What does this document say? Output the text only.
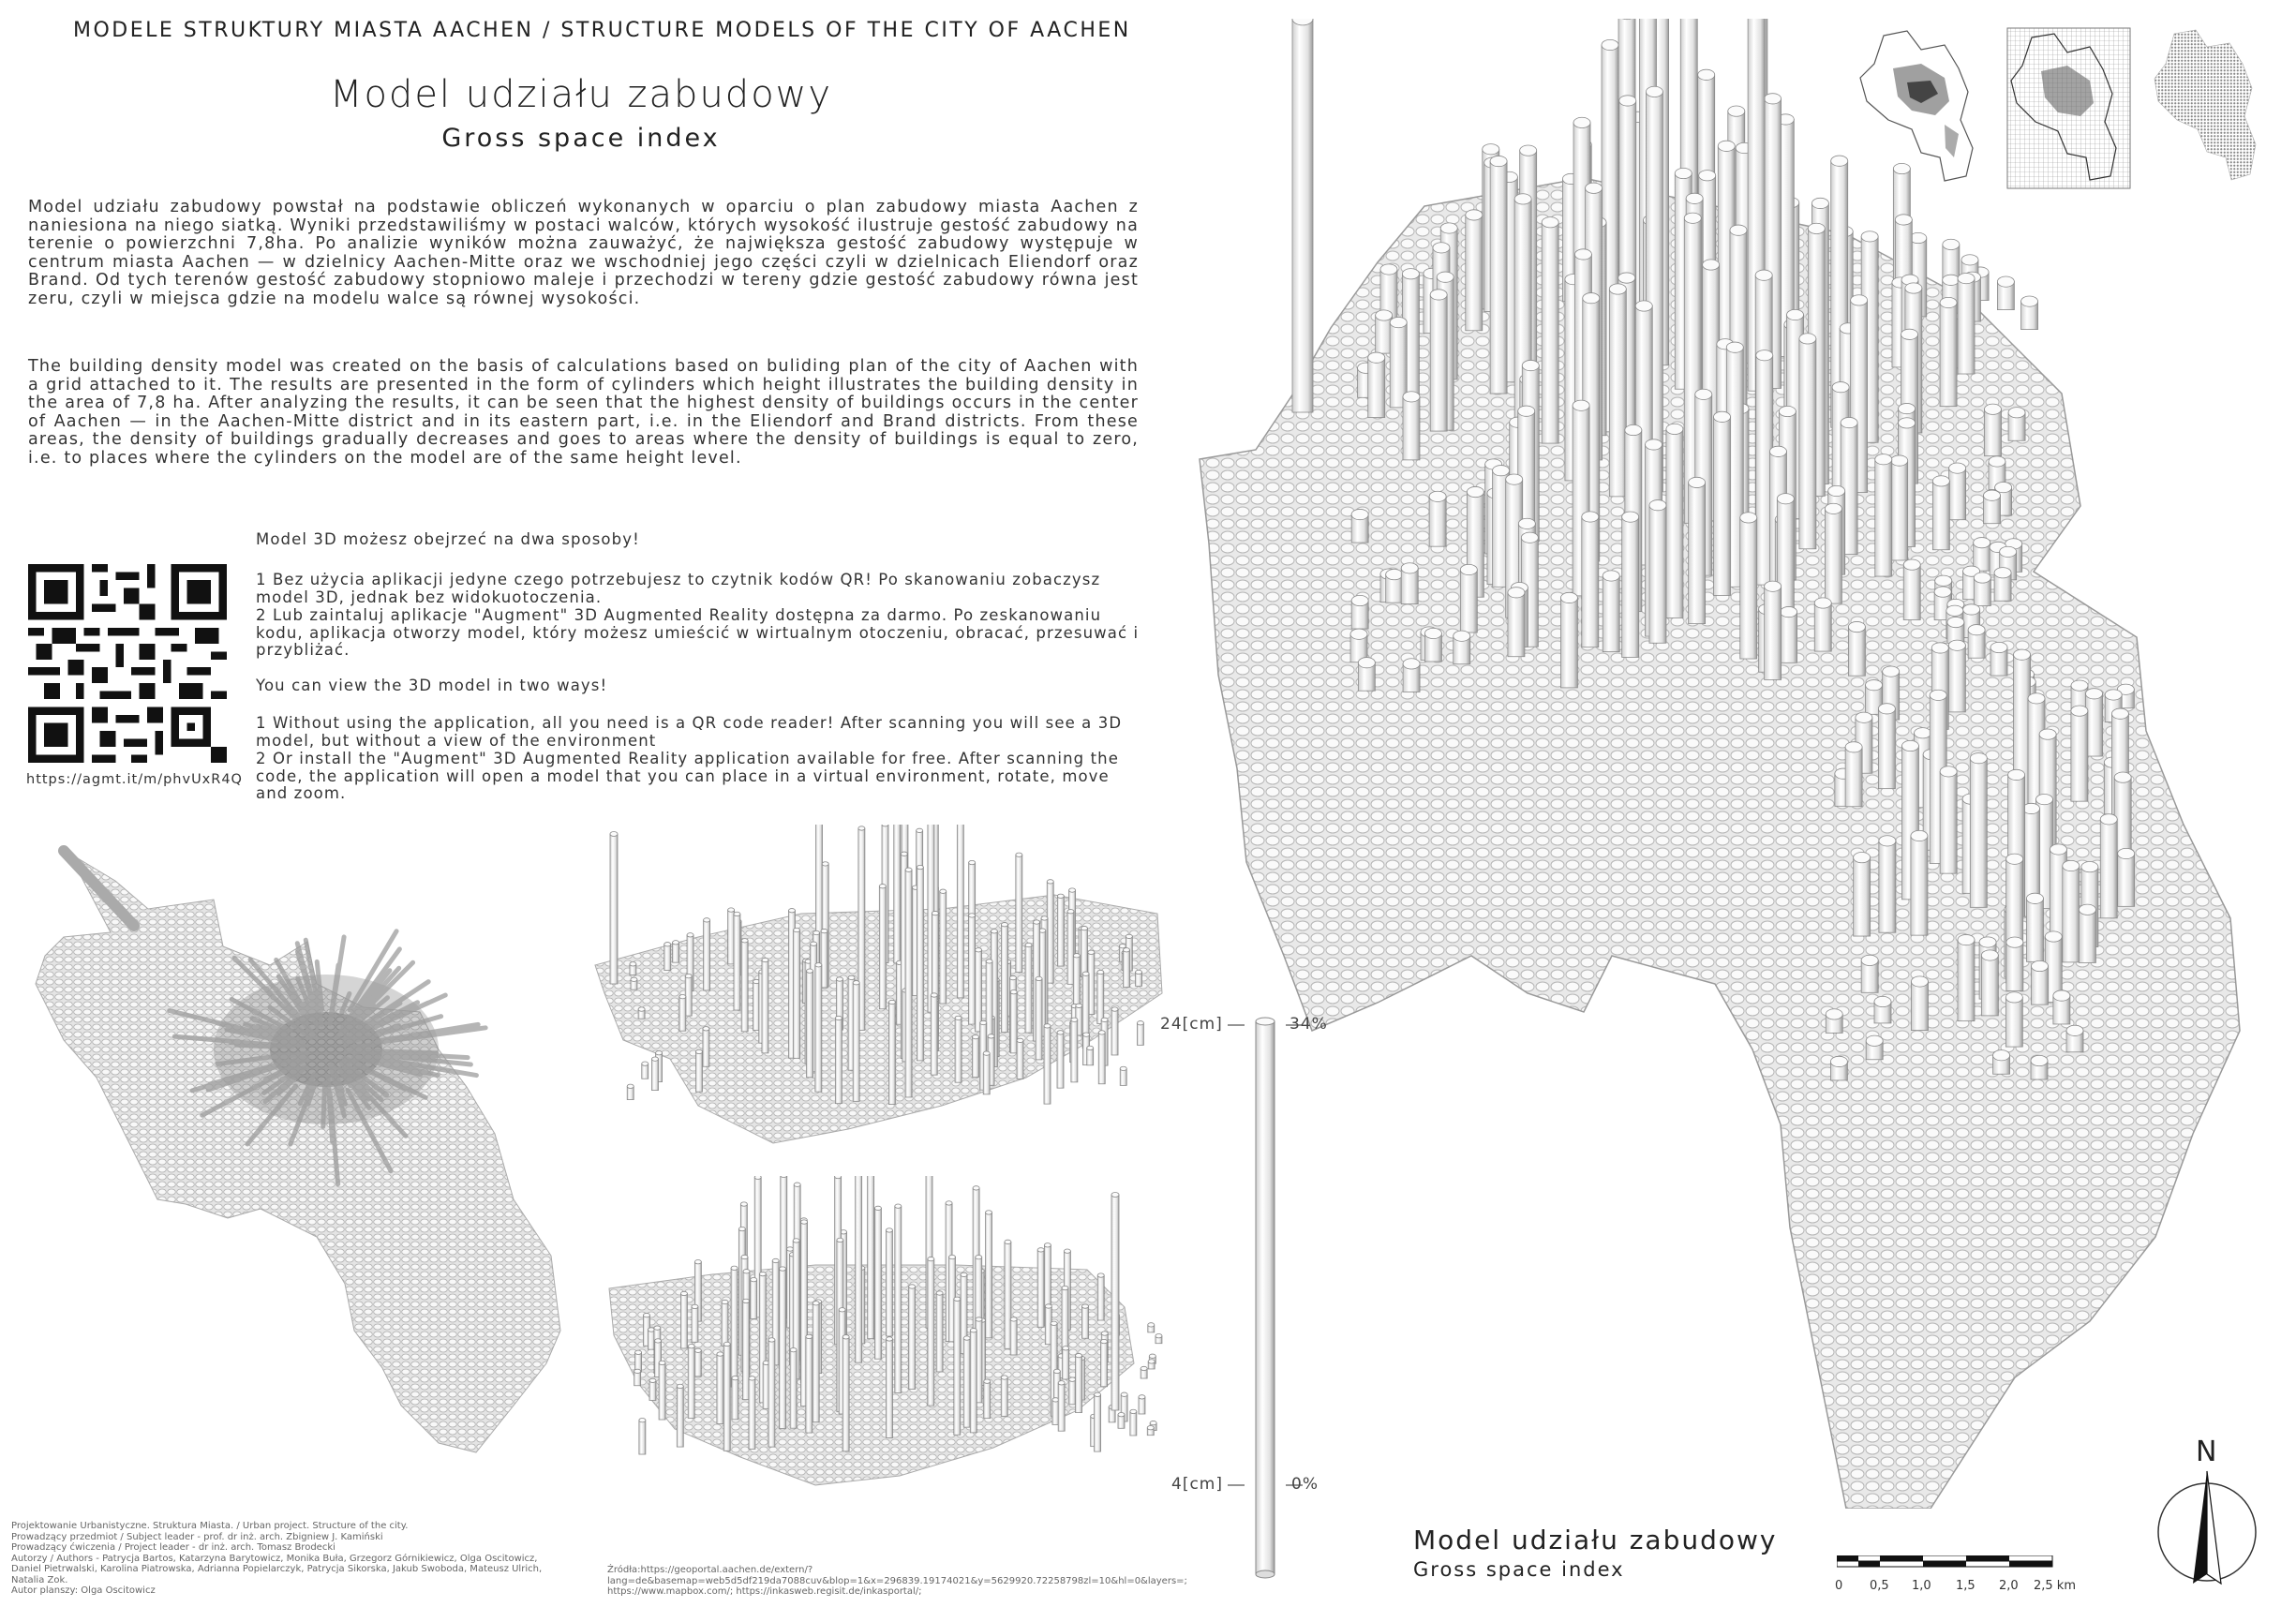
MODELE STRUKTURY MIASTA AACHEN / STRUCTURE MODELS OF THE CITY OF AACHEN
Model udziału zabudowy
Gross space index
Model udziału zabudowy powstał na podstawie obliczeń wykonanych w oparciu o plan zabudowy miasta Aachen z naniesiona na niego siatką. Wyniki przedstawiliśmy w postaci walców, których wysokość ilustruje gestość zabudowy na terenie o powierzchni 7,8ha. Po analizie wyników można zauważyć, że największa gestość zabudowy występuje w centrum miasta Aachen — w dzielnicy Aachen-Mitte oraz we wschodniej jego części czyli w dzielnicach Eliendorf oraz Brand. Od tych terenów gestość zabudowy stopniowo maleje i przechodzi w tereny gdzie gestość zabudowy równa jest zeru, czyli w miejsca gdzie na modelu walce są równej wysokości.
The building density model was created on the basis of calculations based on buliding plan of the city of Aachen with a grid attached to it. The results are presented in the form of cylinders which height illustrates the building density in the area of 7,8 ha. After analyzing the results, it can be seen that the highest density of buildings occurs in the center of Aachen — in the Aachen-Mitte district and in its eastern part, i.e. in the Eliendorf and Brand districts. From these areas, the density of buildings gradually decreases and goes to areas where the density of buildings is equal to zero, i.e. to places where the cylinders on the model are of the same height level.
https://agmt.it/m/phvUxR4Q
Model 3D możesz obejrzeć na dwa sposoby!
1 Bez użycia aplikacji jedyne czego potrzebujesz to czytnik kodów QR! Po skanowaniu zobaczysz model 3D, jednak bez widokuotoczenia.
2 Lub zaintaluj aplikacje "Augment" 3D Augmented Reality dostępna za darmo. Po zeskanowaniu kodu, aplikacja otworzy model, który możesz umieścić w wirtualnym otoczeniu, obracać, przesuwać i przybliżać.
You can view the 3D model in two ways!
1 Without using the application, all you need is a QR code reader! After scanning you will see a 3D model, but without a view of the environment
2 Or install the "Augment" 3D Augmented Reality application available for free. After scanning the code, the application will open a model that you can place in a virtual environment, rotate, move and zoom.
24[cm]	34%
4[cm]	0%
Model udziału zabudowy
Gross space index
0 0,5 1,0 1,5 2,0 2,5 km
N
Projektowanie Urbanistyczne. Struktura Miasta. / Urban project. Structure of the city.
Prowadzący przedmiot / Subject leader - prof. dr inż. arch. Zbigniew J. Kamiński
Prowadzący ćwiczenia / Project leader - dr inż. arch. Tomasz Brodecki
Autorzy / Authors - Patrycja Bartos, Katarzyna Barytowicz, Monika Buła, Grzegorz Górnikiewicz, Olga Oscitowicz,
Daniel Pietrwalski, Karolina Piatrowska, Adrianna Popielarczyk, Patrycja Sikorska, Jakub Swoboda, Mateusz Ulrich,
Natalia Zok.
Autor planszy: Olga Oscitowicz
Źródła:https://geoportal.aachen.de/extern/?lang=de&basemap=web5d5df219da7088cuv&blop=1&x=296839.19174021&y=5629920.72258798zl=10&hl=0&layers=; https://www.mapbox.com/; https://inkasweb.regisit.de/inkasportal/;
